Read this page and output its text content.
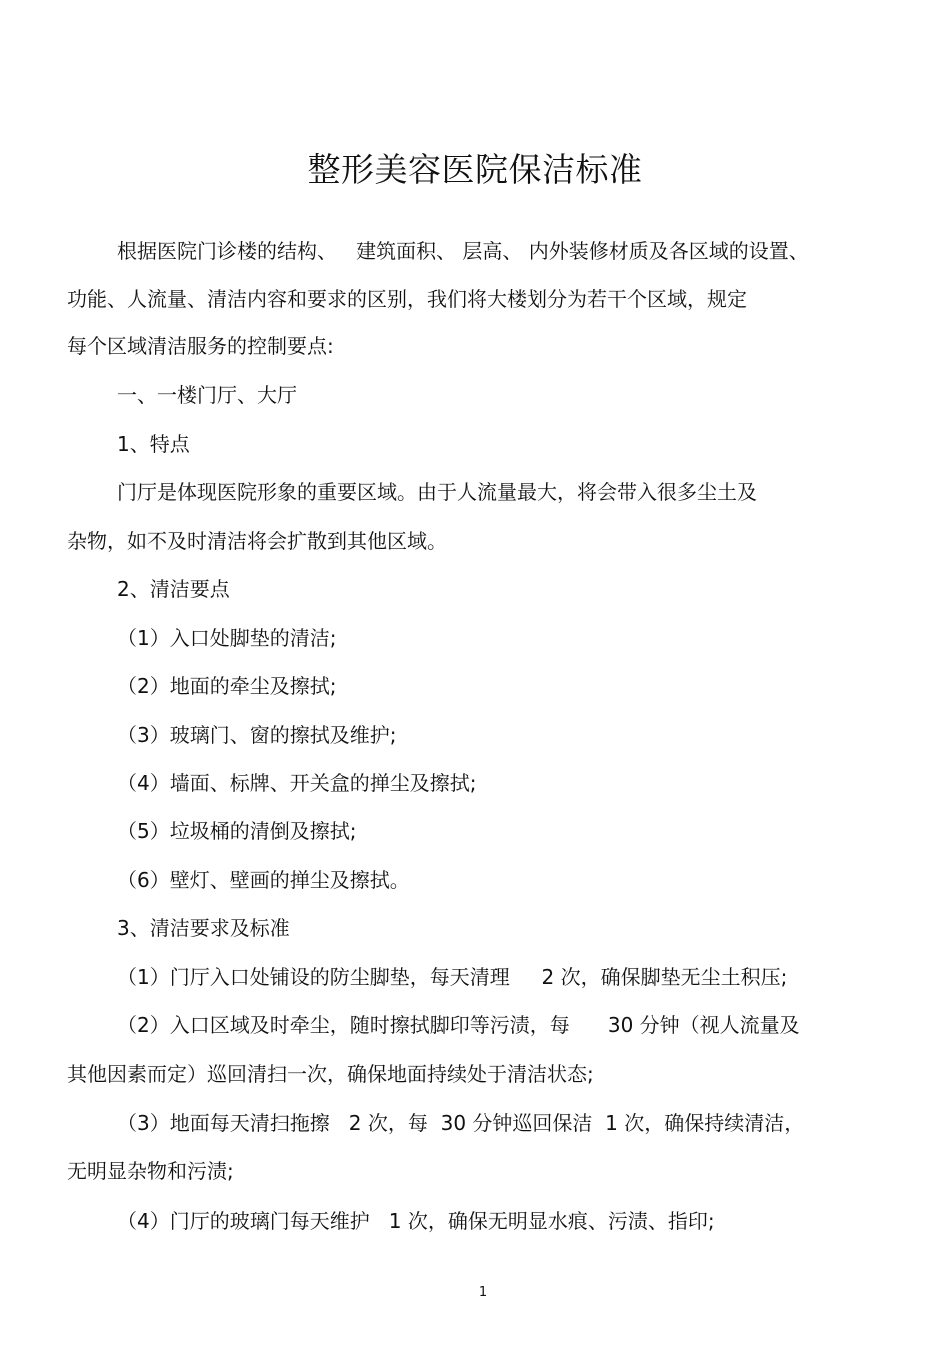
整形美容医院保洁标准
根据医院门诊楼的结构、   建筑面积、 层高、 内外装修材质及各区域的设置、
功能、人流量、清洁内容和要求的区别，我们将大楼划分为若干个区域，规定
每个区域清洁服务的控制要点:
一、一楼门厅、大厅
1、特点
门厅是体现医院形象的重要区域。由于人流量最大，将会带入很多尘土及
杂物，如不及时清洁将会扩散到其他区域。
2、清洁要点
（1）入口处脚垫的清洁;
（2）地面的牵尘及擦拭;
（3）玻璃门、窗的擦拭及维护;
（4）墙面、标牌、开关盒的掸尘及擦拭;
（5）垃圾桶的清倒及擦拭;
（6）壁灯、壁画的掸尘及擦拭。
3、清洁要求及标准
（1）门厅入口处铺设的防尘脚垫，每天清理     2 次，确保脚垫无尘土积压;
（2）入口区域及时牵尘，随时擦拭脚印等污渍，每      30 分钟（视人流量及
其他因素而定）巡回清扫一次，确保地面持续处于清洁状态;
（3）地面每天清扫拖擦   2 次，每  30 分钟巡回保洁  1 次，确保持续清洁，
无明显杂物和污渍;
（4）门厅的玻璃门每天维护   1 次，确保无明显水痕、污渍、指印;
1
